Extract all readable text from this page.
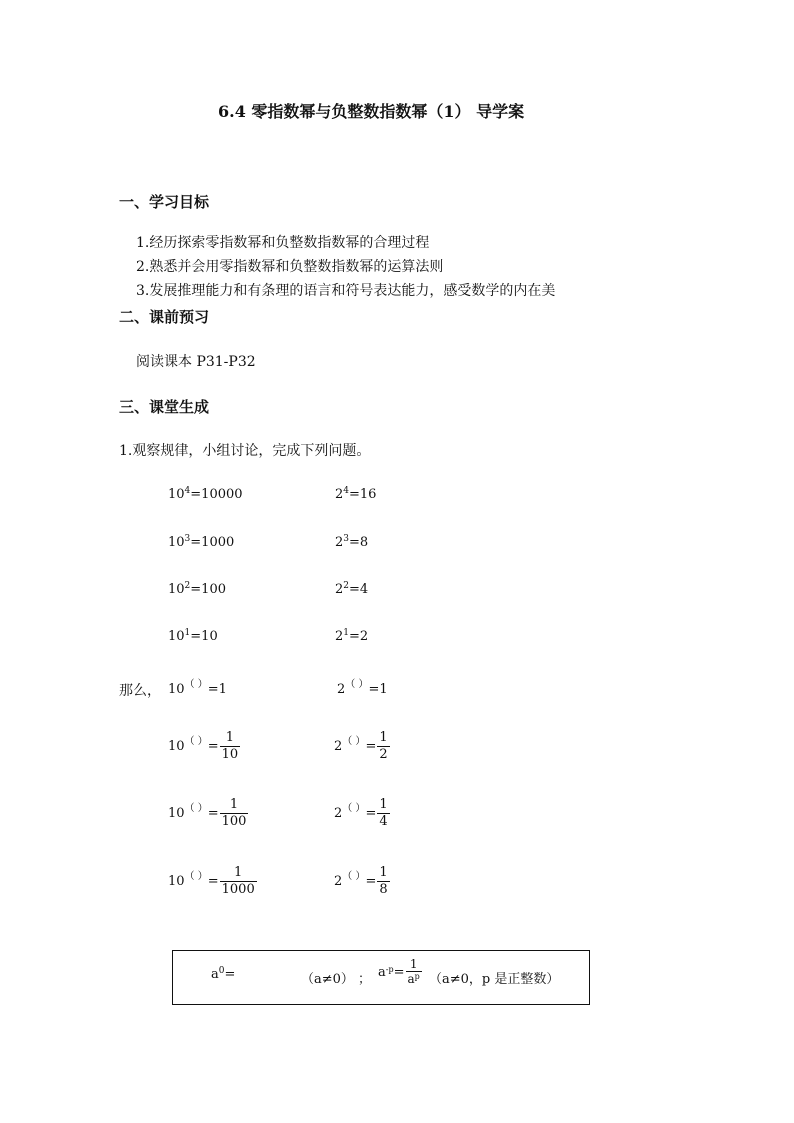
6.4 零指数幂与负整数指数幂（1） 导学案
一、学习目标
1.经历探索零指数幂和负整数指数幂的合理过程
2.熟悉并会用零指数幂和负整数指数幂的运算法则
3.发展推理能力和有条理的语言和符号表达能力，感受数学的内在美
二、课前预习
阅读课本 P31-P32
三、课堂生成
1.观察规律，小组讨论，完成下列问题。
$10^4=10000$
$10^3=1000$
$10^2=100$
$10^1=10$
$2^4=16$
$2^3=8$
$2^2=4$
$2^1=2$
那么， 10（ ）=1	2（ ）=1
$10^{( )}= \frac{1}{10}$
$10^{( )}= \frac{1}{100}$
$10^{( )}= \frac{1}{1000}$
$2^{( )}= \frac{1}{2}$
$2^{( )}= \frac{1}{4}$
$2^{( )}= \frac{1}{8}$
$a^0=$	（a≠0） ； $a^{-p}= \frac{1}{a^p} (a\ne 0$，p 是正整数）
